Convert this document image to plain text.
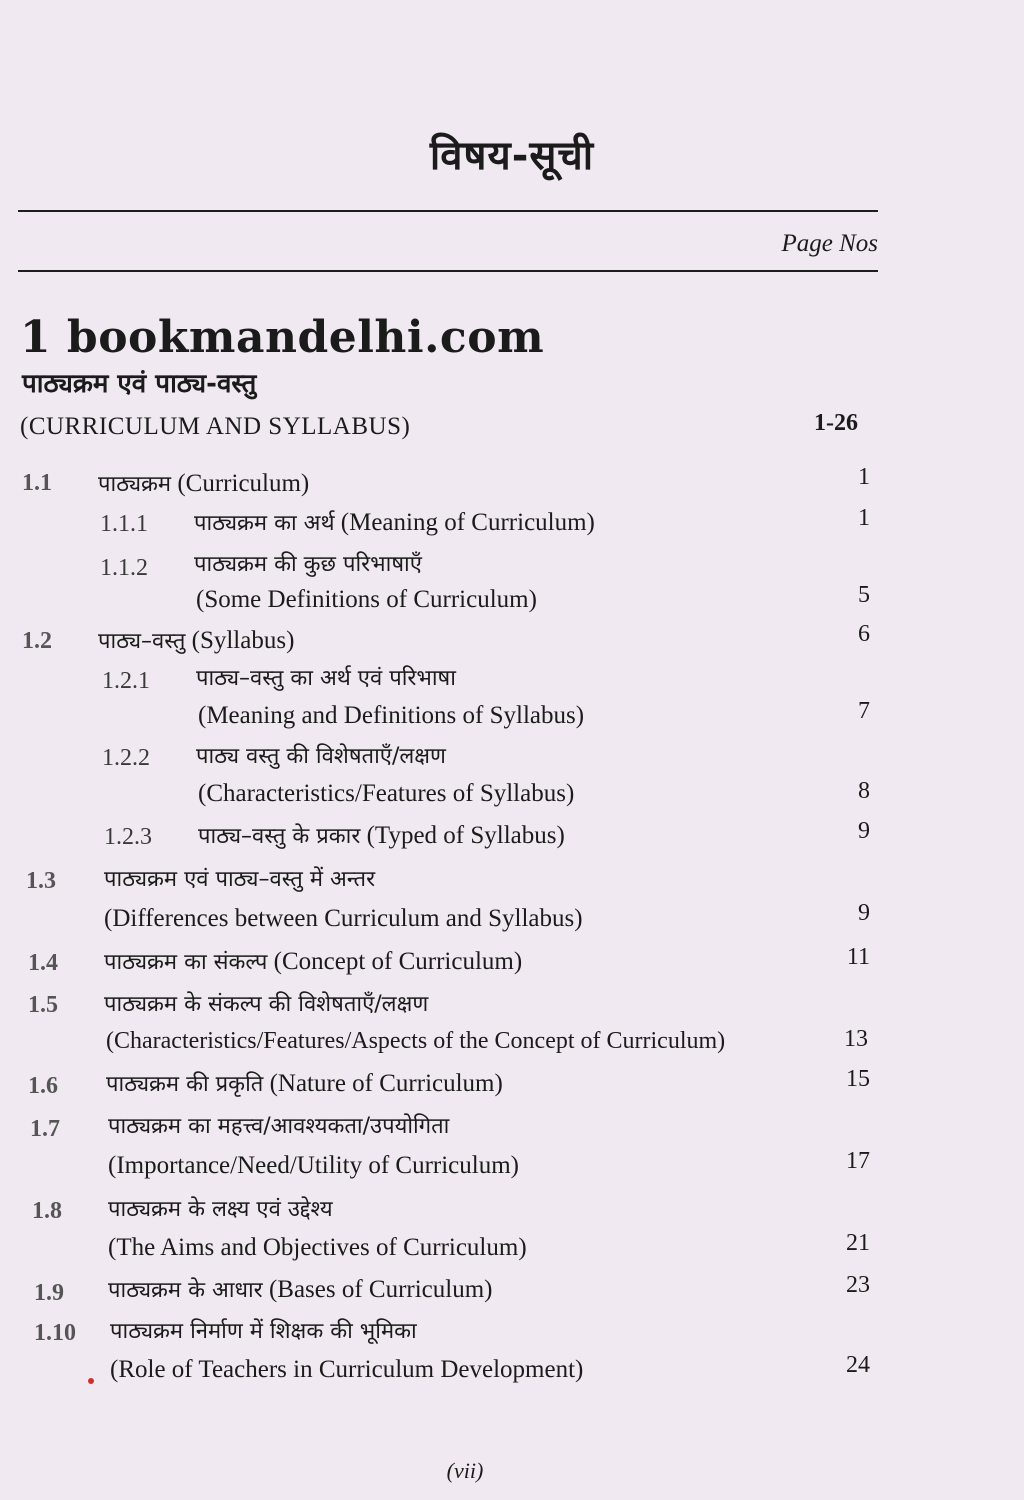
विषय-सूची
Page Nos
1 bookmandelhi.com
पाठ्यक्रम एवं पाठ्य-वस्तु
(CURRICULUM AND SYLLABUS)	1-26
1.1 पाठ्यक्रम (Curriculum)	1
1.1.1 पाठ्यक्रम का अर्थ (Meaning of Curriculum)	1
1.1.2 पाठ्यक्रम की कुछ परिभाषाएँ
(Some Definitions of Curriculum)	5
1.2 पाठ्य–वस्तु (Syllabus)	6
1.2.1 पाठ्य–वस्तु का अर्थ एवं परिभाषा
(Meaning and Definitions of Syllabus)	7
1.2.2 पाठ्य वस्तु की विशेषताएँ/लक्षण
(Characteristics/Features of Syllabus)	8
1.2.3 पाठ्य–वस्तु के प्रकार (Typed of Syllabus)	9
1.3 पाठ्यक्रम एवं पाठ्य–वस्तु में अन्तर
(Differences between Curriculum and Syllabus)	9
1.4 पाठ्यक्रम का संकल्प (Concept of Curriculum)	11
1.5 पाठ्यक्रम के संकल्प की विशेषताएँ/लक्षण
(Characteristics/Features/Aspects of the Concept of Curriculum)	13
1.6 पाठ्यक्रम की प्रकृति (Nature of Curriculum)	15
1.7 पाठ्यक्रम का महत्त्व/आवश्यकता/उपयोगिता
(Importance/Need/Utility of Curriculum)	17
1.8 पाठ्यक्रम के लक्ष्य एवं उद्देश्य
(The Aims and Objectives of Curriculum)	21
1.9 पाठ्यक्रम के आधार (Bases of Curriculum)	23
1.10 पाठ्यक्रम निर्माण में शिक्षक की भूमिका
(Role of Teachers in Curriculum Development)	24
(vii)
